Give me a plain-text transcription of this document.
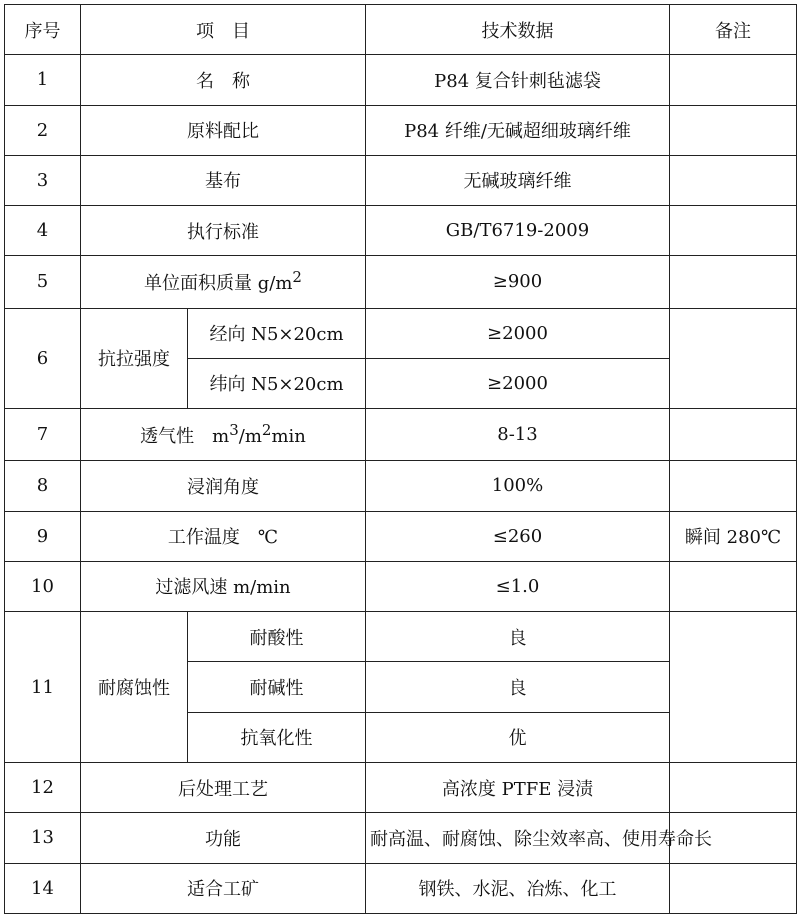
序号	项　目		技术数据	备注
1	名　称		P84 复合针刺毡滤袋	
2	原料配比		P84 纤维/无碱超细玻璃纤维	
3	基布		无碱玻璃纤维	
4	执行标准		GB/T6719-2009	
5	单位面积质量 $g/m^2$		≥900	
6	抗拉强度	经向 N5×20cm	≥2000	
		纬向 N5×20cm	≥2000	
7	透气性　$m^3/m^2\min$		8-13	
8	浸润角度		100%	
9	工作温度　℃		≤260	瞬间 280℃
10	过滤风速 m/min		≤1.0	
11	耐腐蚀性	耐酸性	良	
		耐碱性	良	
		抗氧化性	优	
12	后处理工艺		高浓度 PTFE 浸渍	
13	功能		耐高温、耐腐蚀、除尘效率高、使用寿命长	
14	适合工矿		钢铁、水泥、冶炼、化工	
